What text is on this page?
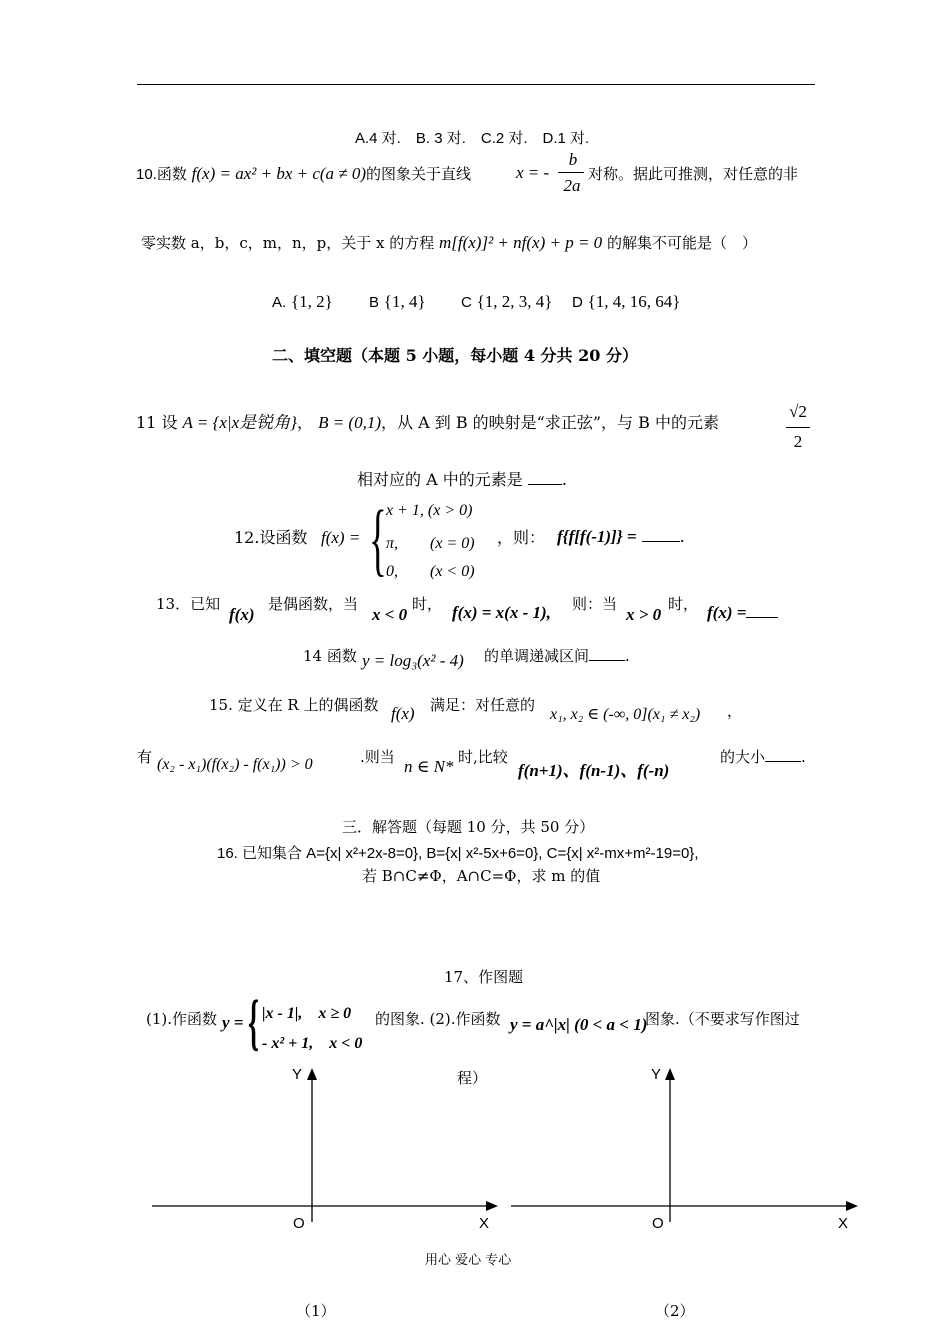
A.4 对.　B. 3 对.　C.2 对.　D.1 对.
10.函数 f(x) = ax² + bx + c(a ≠ 0)的图象关于直线	x = -
b
2a
对称。据此可推测，对任意的非
零实数 a，b，c，m，n，p，关于 x 的方程 m[f(x)]² + nf(x) + p = 0 的解集不可能是（　）
A. {1, 2} B {1, 4} C {1, 2, 3, 4} D {1, 4, 16, 64}
二、填空题（本题 5 小题，每小题 4 分共 20 分）
11 设 A = {x|x是锐角}， B = (0,1)，从 A 到 B 的映射是“求正弦”，与 B 中的元素
√2
2
相对应的 A 中的元素是 .
12.设函数 f(x) = { x + 1, (x > 0)
π,　　(x = 0)
0,　　(x < 0)
，则： f{f[f(-1)]} =	.
13．已知
f(x)
是偶函数，当
x < 0
时， f(x) = x(x - 1), 则：当
x > 0
时， f(x) =
14 函数 y = log₃(x² - 4) 的单调递减区间 .
15. 定义在 R 上的偶函数 f(x) 满足：对任意的
x₁, x₂ ∈ (-∞, 0](x₁ ≠ x₂) ，
有 (x₂ - x₁)(f(x₂) - f(x₁)) > 0	.则当 n ∈ N* 时,比较
f(n+1)、f(n-1)、f(-n)
的大小 .
三．解答题（每题 10 分，共 50 分）
16. 已知集合 A={x| x²+2x-8=0}, B={x| x²-5x+6=0}, C={x| x²-mx+m²-19=0},
若 B∩C≠Φ，A∩C=Φ，求 m 的值
17、作图题
(1).作函数 y = { |x - 1|,　x ≥ 0
- x² + 1,　x < 0
的图象. (2).作函数 y = a^|x| (0 < a < 1)
图象.（不要求写作图过
程）
Y
O	X
Y
O	X
用心 爱心 专心
（1）	（2）
